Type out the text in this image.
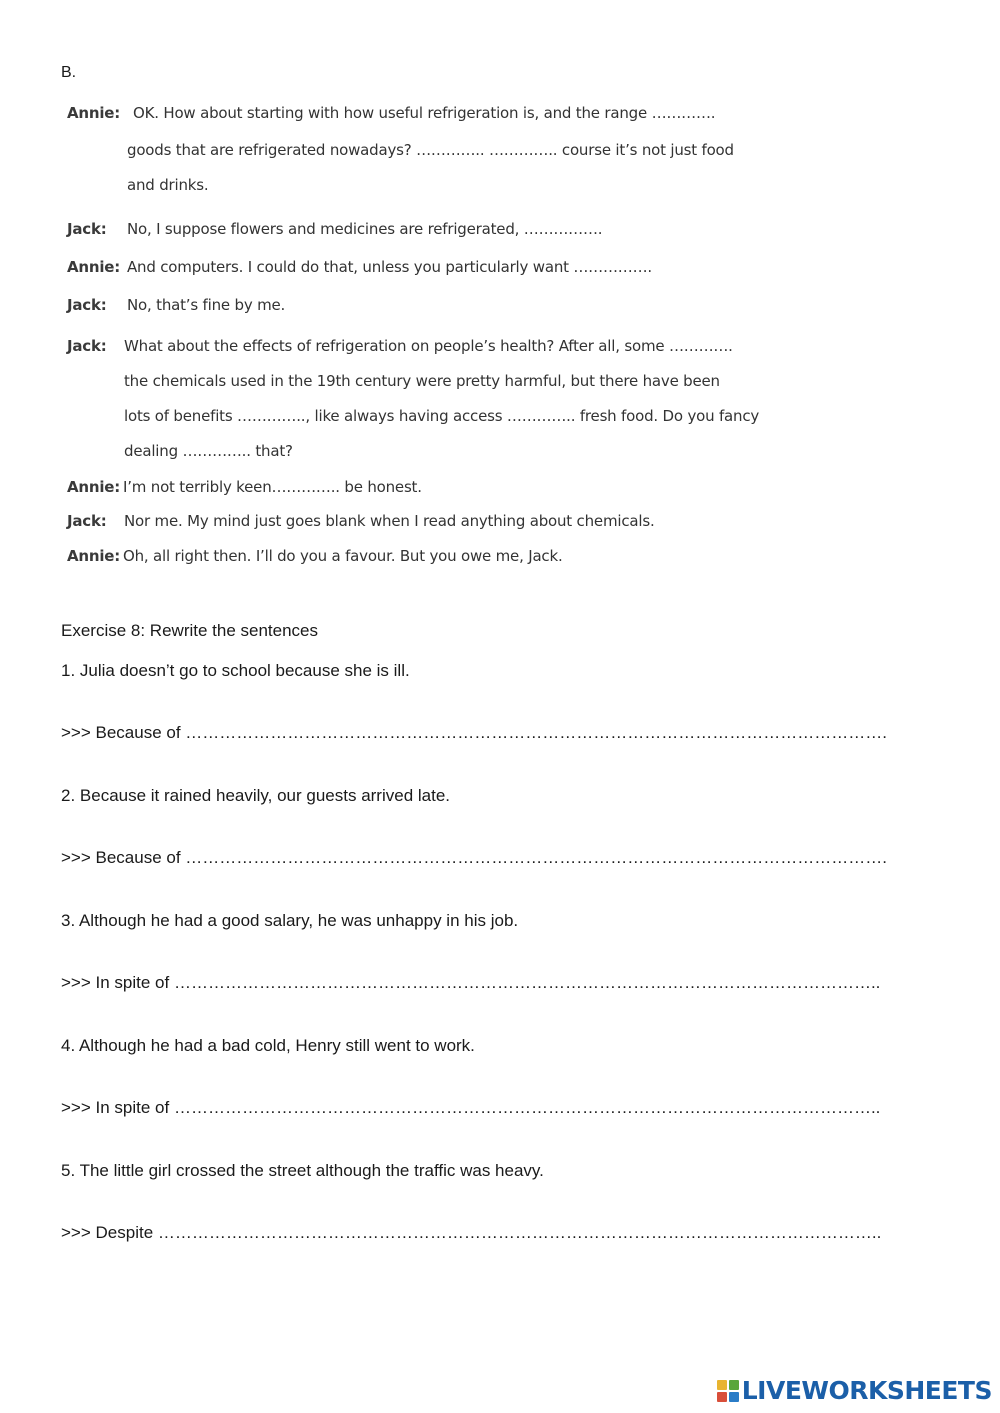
B.
Annie: OK. How about starting with how useful refrigeration is, and the range ………….
goods that are refrigerated nowadays? ………….. ………….. course it’s not just food
and drinks.
Jack: No, I suppose flowers and medicines are refrigerated, …………….
Annie: And computers. I could do that, unless you particularly want …………….
Jack: No, that’s fine by me.
Jack: What about the effects of refrigeration on people’s health? After all, some ………….
the chemicals used in the 19th century were pretty harmful, but there have been
lots of benefits ………….., like always having access ………….. fresh food. Do you fancy
dealing ………….. that?
Annie: I’m not terribly keen………….. be honest.
Jack: Nor me. My mind just goes blank when I read anything about chemicals.
Annie: Oh, all right then. I’ll do you a favour. But you owe me, Jack.
Exercise 8: Rewrite the sentences
1. Julia doesn’t go to school because she is ill.
>>> Because of …………………………………………………………………………………………………………….
2. Because it rained heavily, our guests arrived late.
>>> Because of …………………………………………………………………………………………………………….
3. Although he had a good salary, he was unhappy in his job.
>>> In spite of ……………………………………………………………………………………………………………..
4. Although he had a bad cold, Henry still went to work.
>>> In spite of ……………………………………………………………………………………………………………..
5. The little girl crossed the street although the traffic was heavy.
>>> Despite ………………………………………………………………………………………………………………..
LIVEWORKSHEETS
